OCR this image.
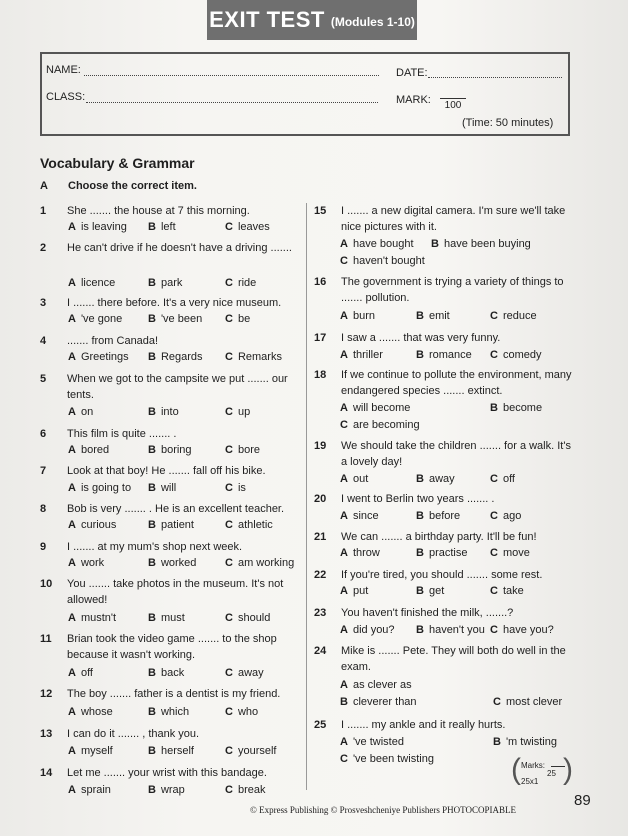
EXIT TEST (Modules 1-10)
NAME:	DATE:
CLASS:	MARK:	100
(Time: 50 minutes)
Vocabulary & Grammar
A Choose the correct item.
1	She ....... the house at 7 this morning.
A is leaving B left	C leaves
2	He can't drive if he doesn't have a driving .......
A licence	B park	C ride
3	I ....... there before. It's a very nice museum.
A 've gone B 've been C be
4	....... from Canada!
A Greetings B Regards C Remarks
5	When we got to the campsite we put ....... our tents.
A on	B into	C up
6	This film is quite ....... .
A bored	B boring	C bore
7	Look at that boy! He ....... fall off his bike.
A is going to B will	C is
8	Bob is very ....... . He is an excellent teacher.
A curious	B patient	C athletic
9	I ....... at my mum's shop next week.
A work	B worked	C am working
10	You ....... take photos in the museum. It's not allowed!
A mustn't	B must	C should
11	Brian took the video game ....... to the shop because it wasn't working.
A off	B back	C away
12	The boy ....... father is a dentist is my friend.
A whose	B which	C who
13	I can do it ....... , thank you.
A myself	B herself	C yourself
14	Let me ....... your wrist with this bandage.
A sprain	B wrap	C break
15	I ....... a new digital camera. I'm sure we'll take nice pictures with it.
A have bought B have been buying
C haven't bought
16	The government is trying a variety of things to ....... pollution.
A burn	B emit	C reduce
17	I saw a ....... that was very funny.
A thriller	B romance C comedy
18	If we continue to pollute the environment, many endangered species ....... extinct.
A will become	B become
C are becoming
19	We should take the children ....... for a walk. It's a lovely day!
A out	B away	C off
20	I went to Berlin two years ....... .
A since	B before	C ago
21	We can ....... a birthday party. It'll be fun!
A throw	B practise C move
22	If you're tired, you should ....... some rest.
A put	B get	C take
23	You haven't finished the milk, .......?
A did you? B haven't you C have you?
24	Mike is ....... Pete. They will both do well in the exam.
A as clever as
B cleverer than	C most clever
25	I ....... my ankle and it really hurts.
A 've twisted	B 'm twisting
C 've been twisting	( Marks:
25
25x1 )
89
© Express Publishing © Prosveshcheniye Publishers PHOTOCOPIABLE
